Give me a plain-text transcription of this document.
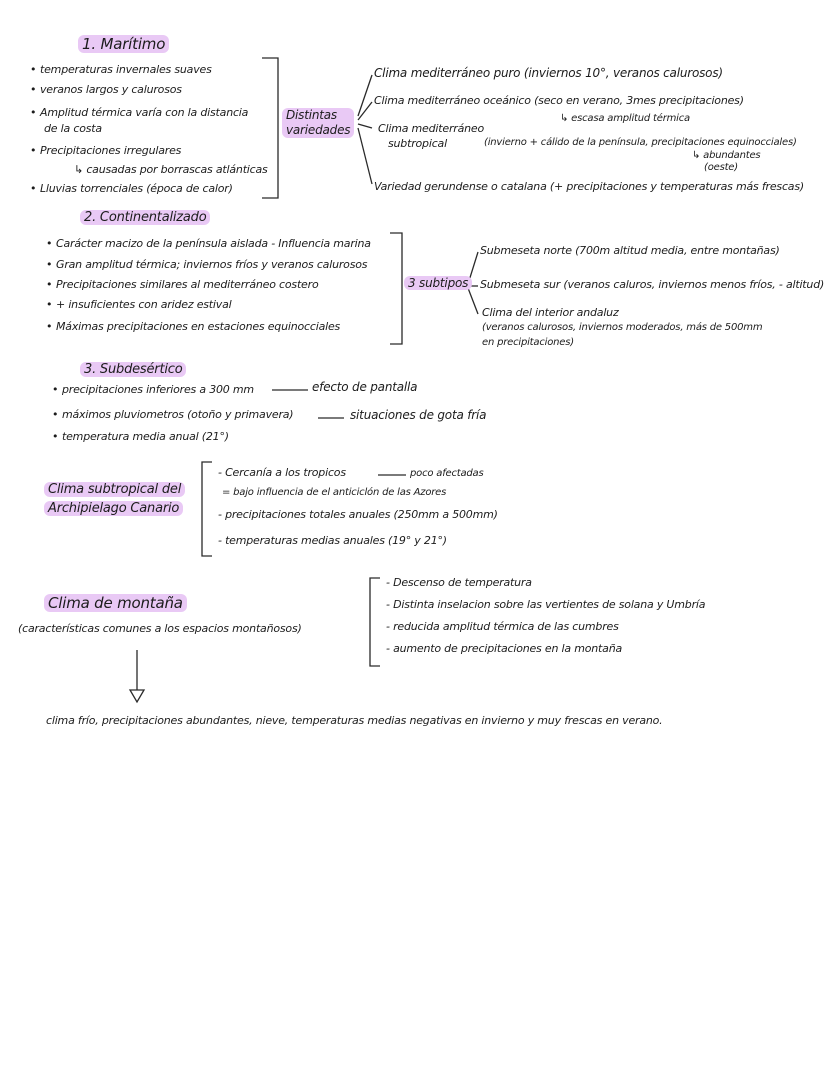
1. Marítimo
• temperaturas invernales suaves
• veranos largos y calurosos
• Amplitud térmica varía con la distancia
de la costa
• Precipitaciones irregulares
↳ causadas por borrascas atlánticas
• Lluvias torrenciales (época de calor)
Distintas
variedades
Clima mediterráneo puro (inviernos 10°, veranos calurosos)
Clima mediterráneo oceánico (seco en verano, 3mes precipitaciones)
↳ escasa amplitud térmica
Clima mediterráneo
subtropical	(invierno + cálido de la península, precipitaciones equinocciales)
↳ abundantes
(oeste)
Variedad gerundense o catalana (+ precipitaciones y temperaturas más frescas)
2. Continentalizado
• Carácter macizo de la península aislada - Influencia marina
• Gran amplitud térmica; inviernos fríos y veranos calurosos
• Precipitaciones similares al mediterráneo costero
• + insuficientes con aridez estival
• Máximas precipitaciones en estaciones equinocciales
3 subtipos
Submeseta norte (700m altitud media, entre montañas)
Submeseta sur (veranos caluros, inviernos menos fríos, - altitud)
Clima del interior andaluz
(veranos calurosos, inviernos moderados, más de 500mm
en precipitaciones)
3. Subdesértico
• precipitaciones inferiores a 300 mm	efecto de pantalla
• máximos pluviometros (otoño y primavera)	situaciones de gota fría
• temperatura media anual (21°)
Clima subtropical del
Archipielago Canario
- Cercanía a los tropicos	poco afectadas
= bajo influencia de el anticiclón de las Azores
- precipitaciones totales anuales (250mm a 500mm)
- temperaturas medias anuales (19° y 21°)
Clima de montaña
(características comunes a los espacios montañosos)
- Descenso de temperatura
- Distinta inselacion sobre las vertientes de solana y Umbría
- reducida amplitud térmica de las cumbres
- aumento de precipitaciones en la montaña
clima frío, precipitaciones abundantes, nieve, temperaturas medias negativas en invierno y muy frescas en verano.
